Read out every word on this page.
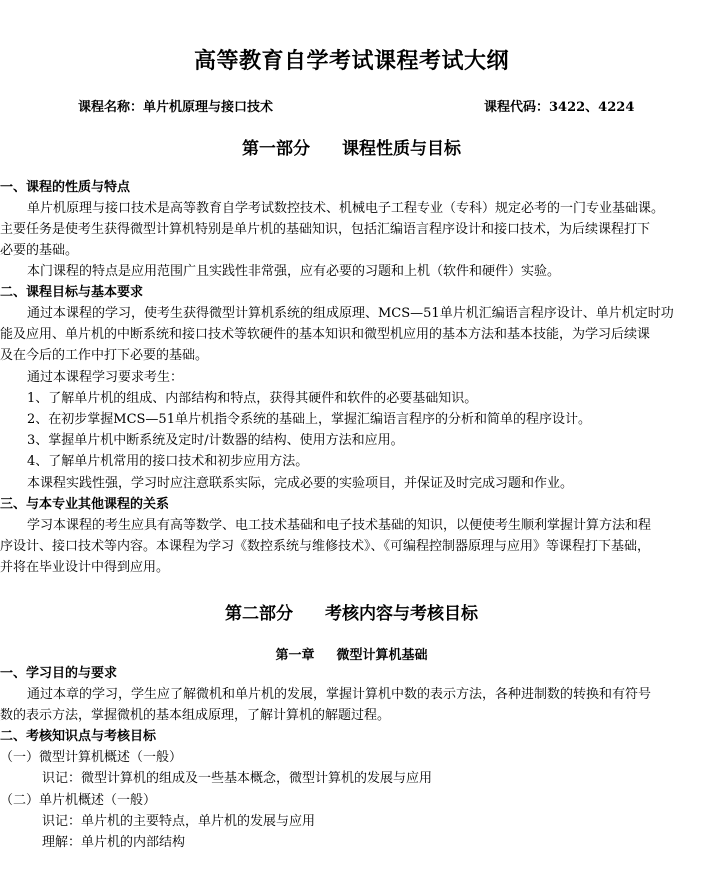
高等教育自学考试课程考试大纲
课程名称：单片机原理与接口技术	课程代码：3422、4224
第一部分 课程性质与目标
一、课程的性质与特点
单片机原理与接口技术是高等教育自学考试数控技术、机械电子工程专业（专科）规定必考的一门专业基础课。
主要任务是使考生获得微型计算机特别是单片机的基础知识，包括汇编语言程序设计和接口技术，为后续课程打下
必要的基础。
本门课程的特点是应用范围广且实践性非常强，应有必要的习题和上机（软件和硬件）实验。
二、课程目标与基本要求
通过本课程的学习，使考生获得微型计算机系统的组成原理、MCS—51单片机汇编语言程序设计、单片机定时功
能及应用、单片机的中断系统和接口技术等软硬件的基本知识和微型机应用的基本方法和基本技能，为学习后续课
及在今后的工作中打下必要的基础。
通过本课程学习要求考生：
1、了解单片机的组成、内部结构和特点，获得其硬件和软件的必要基础知识。
2、在初步掌握MCS—51单片机指令系统的基础上，掌握汇编语言程序的分析和简单的程序设计。
3、掌握单片机中断系统及定时/计数器的结构、使用方法和应用。
4、了解单片机常用的接口技术和初步应用方法。
本课程实践性强，学习时应注意联系实际，完成必要的实验项目，并保证及时完成习题和作业。
三、与本专业其他课程的关系
学习本课程的考生应具有高等数学、电工技术基础和电子技术基础的知识，以便使考生顺利掌握计算方法和程
序设计、接口技术等内容。本课程为学习《数控系统与维修技术》、《可编程控制器原理与应用》等课程打下基础，
并将在毕业设计中得到应用。
第二部分 考核内容与考核目标
第一章 微型计算机基础
一、学习目的与要求
通过本章的学习，学生应了解微机和单片机的发展，掌握计算机中数的表示方法，各种进制数的转换和有符号
数的表示方法，掌握微机的基本组成原理，了解计算机的解题过程。
二、考核知识点与考核目标
（一）微型计算机概述（一般）
识记：微型计算机的组成及一些基本概念，微型计算机的发展与应用
（二）单片机概述（一般）
识记：单片机的主要特点，单片机的发展与应用
理解：单片机的内部结构
